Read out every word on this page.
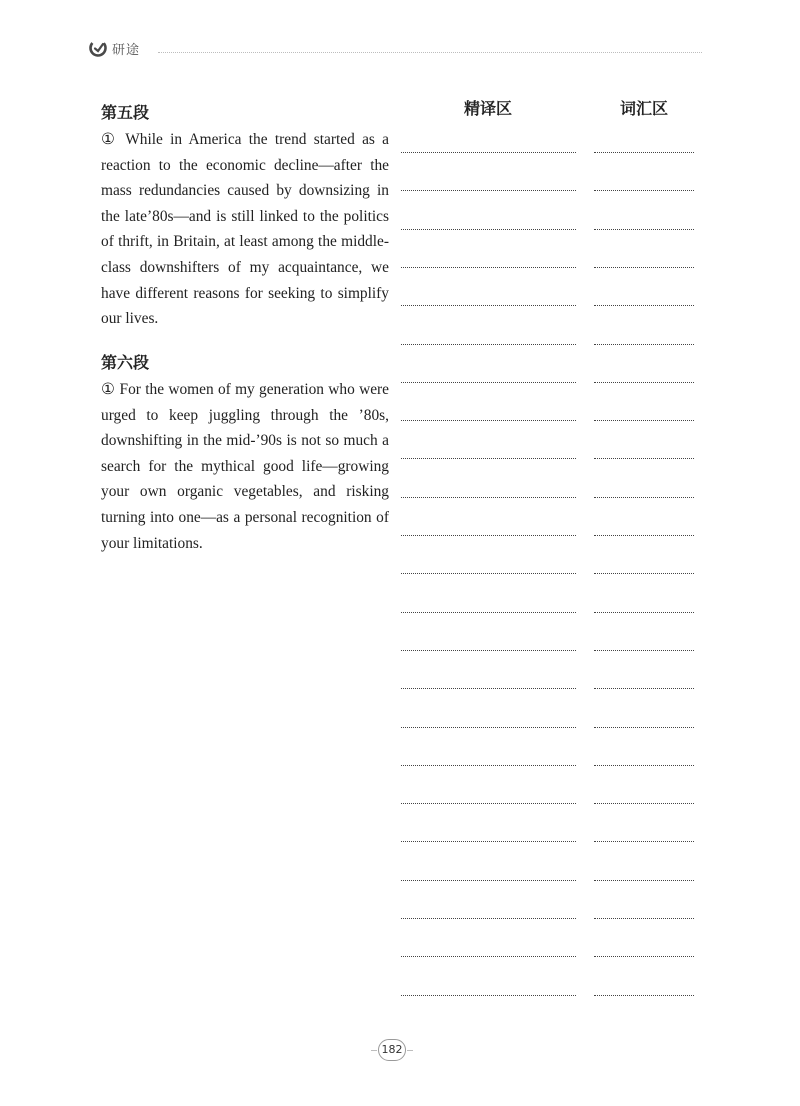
研途
精译区	词汇区
第五段
① While in America the trend started as a reaction to the economic decline—after the mass redundancies caused by downsizing in the late’80s—and is still linked to the politics of thrift, in Britain, at least among the middle-class downshifters of my acquaintance, we have different reasons for seeking to simplify our lives.
第六段
① For the women of my generation who were urged to keep juggling through the ’80s, downshifting in the mid-’90s is not so much a search for the mythical good life—growing your own organic vegetables, and risking turning into one—as a personal recognition of your limitations.
182
